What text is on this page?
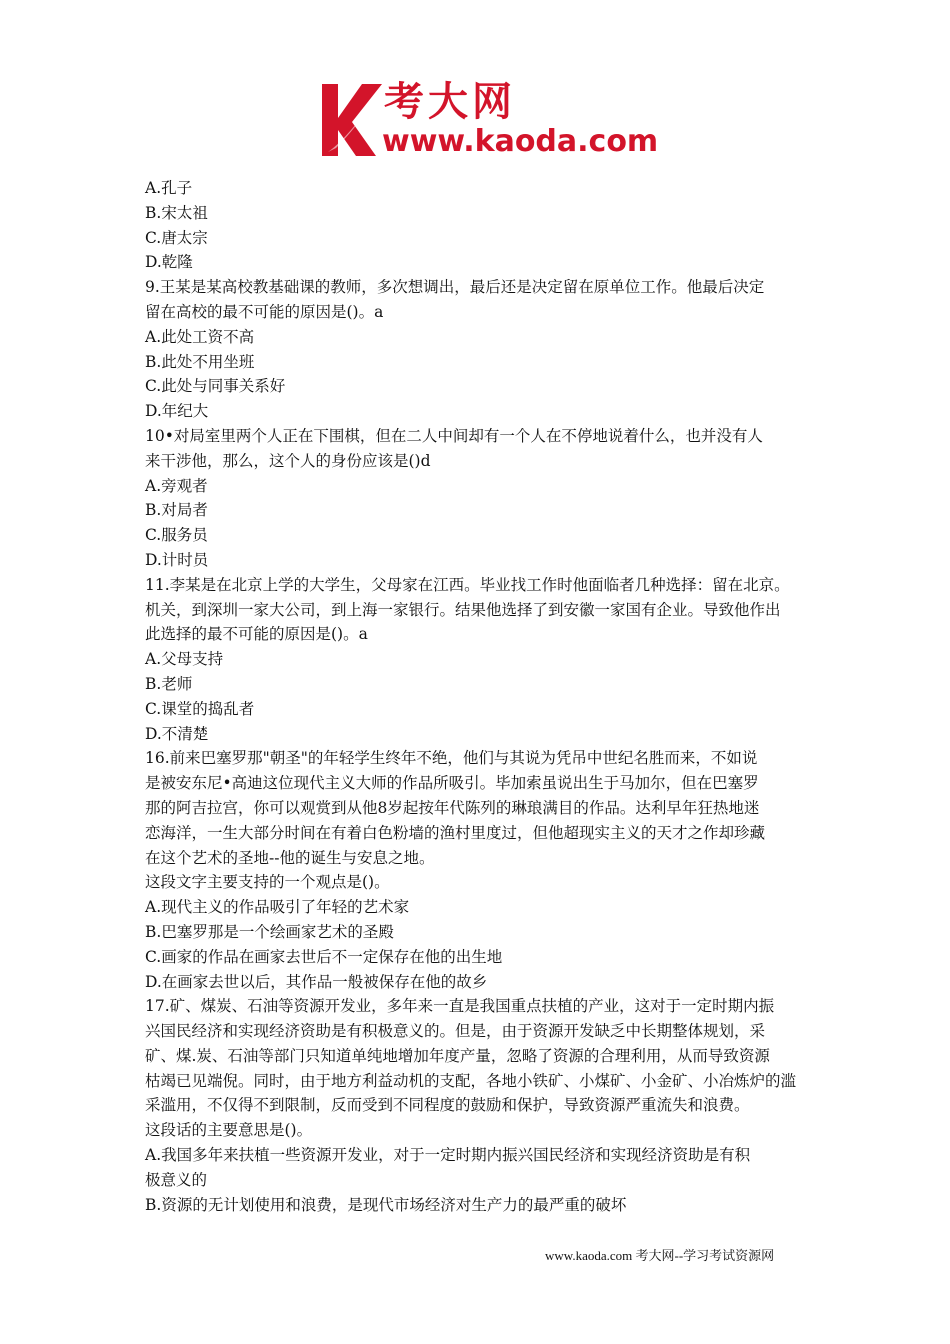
考大网
www.kaoda.com
A.孔子
B.宋太祖
C.唐太宗
D.乾隆
9.王某是某高校教基础课的教师，多次想调出，最后还是决定留在原单位工作。他最后决定
留在高校的最不可能的原因是()。a
A.此处工资不高
B.此处不用坐班
C.此处与同事关系好
D.年纪大
10•对局室里两个人正在下围棋，但在二人中间却有一个人在不停地说着什么，也并没有人
来干涉他，那么，这个人的身份应该是()d
A.旁观者
B.对局者
C.服务员
D.计时员
11.李某是在北京上学的大学生，父母家在江西。毕业找工作时他面临者几种选择：留在北京。
机关，到深圳一家大公司，到上海一家银行。结果他选择了到安徽一家国有企业。导致他作出
此选择的最不可能的原因是()。a
A.父母支持
B.老师
C.课堂的捣乱者
D.不清楚
16.前来巴塞罗那"朝圣"的年轻学生终年不绝，他们与其说为凭吊中世纪名胜而来，不如说
是被安东尼•高迪这位现代主义大师的作品所吸引。毕加索虽说出生于马加尔，但在巴塞罗
那的阿吉拉宫，你可以观赏到从他8岁起按年代陈列的琳琅满目的作品。达利早年狂热地迷
恋海洋，一生大部分时间在有着白色粉墙的渔村里度过，但他超现实主义的天才之作却珍藏
在这个艺术的圣地--他的诞生与安息之地。
这段文字主要支持的一个观点是()。
A.现代主义的作品吸引了年轻的艺术家
B.巴塞罗那是一个绘画家艺术的圣殿
C.画家的作品在画家去世后不一定保存在他的出生地
D.在画家去世以后，其作品一般被保存在他的故乡
17.矿、煤炭、石油等资源开发业，多年来一直是我国重点扶植的产业，这对于一定时期内振
兴国民经济和实现经济资助是有积极意义的。但是，由于资源开发缺乏中长期整体规划，采
矿、煤.炭、石油等部门只知道单纯地增加年度产量，忽略了资源的合理利用，从而导致资源
枯竭已见端倪。同时，由于地方利益动机的支配，各地小铁矿、小煤矿、小金矿、小冶炼炉的滥
采滥用，不仅得不到限制，反而受到不同程度的鼓励和保护，导致资源严重流失和浪费。
这段话的主要意思是()。
A.我国多年来扶植一些资源开发业，对于一定时期内振兴国民经济和实现经济资助是有积
极意义的
B.资源的无计划使用和浪费，是现代市场经济对生产力的最严重的破坏
www.kaoda.com 考大网--学习考试资源网
